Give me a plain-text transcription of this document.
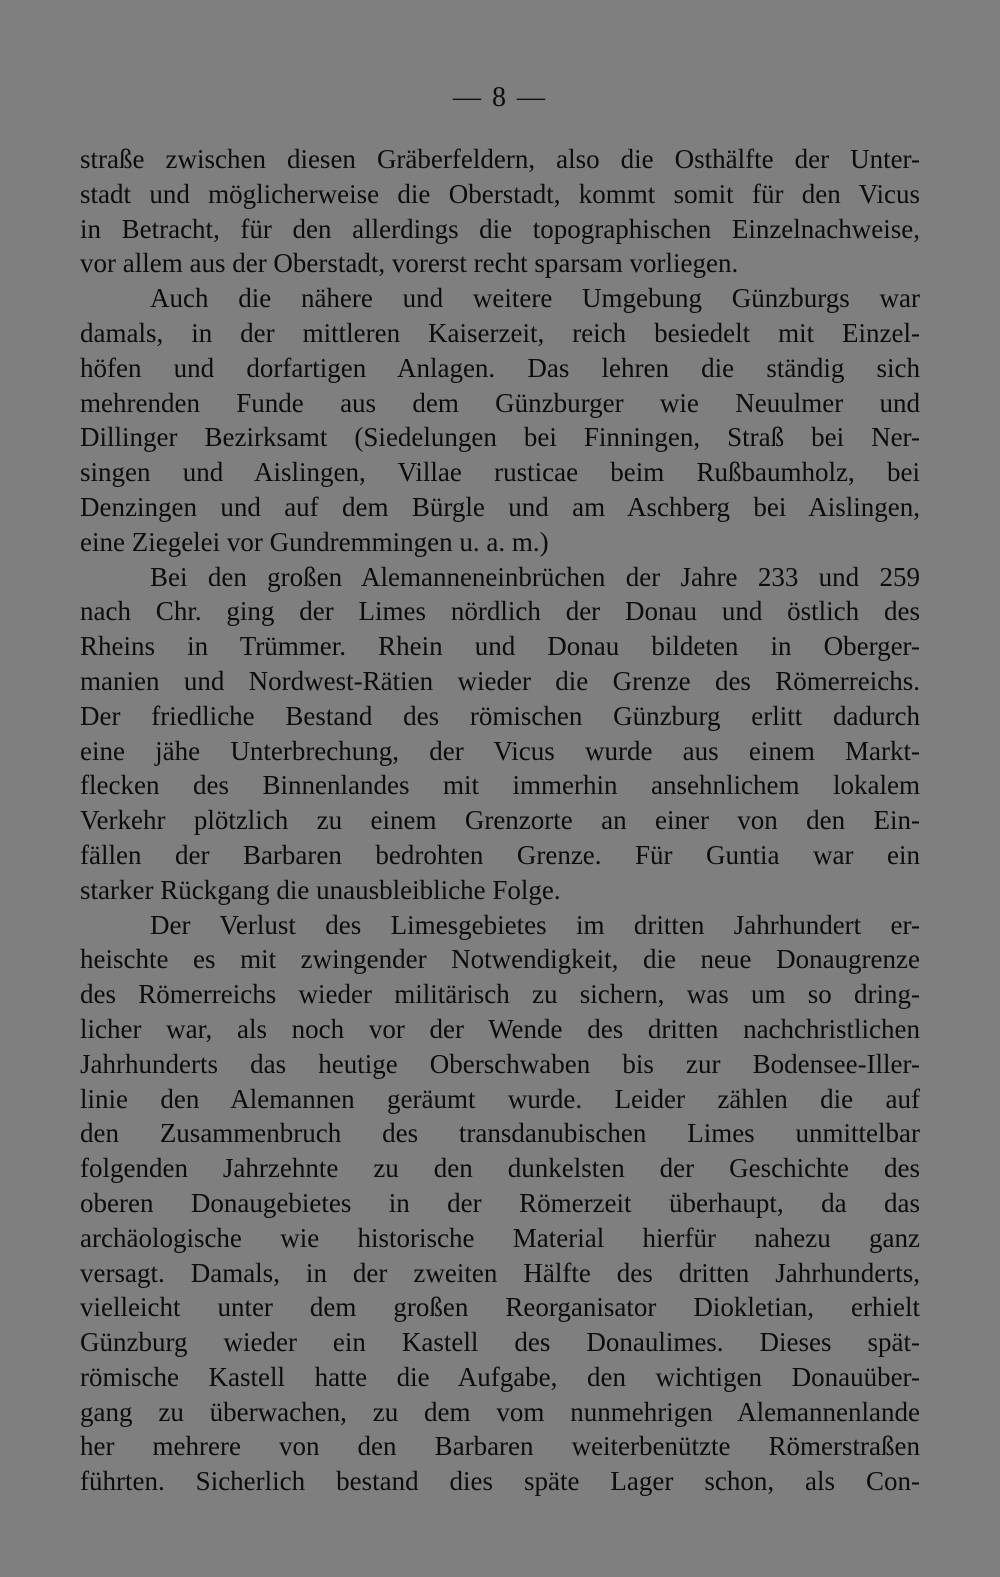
— 8 —
straße zwischen diesen Gräberfeldern, also die Osthälfte der Unter-
stadt und möglicherweise die Oberstadt, kommt somit für den Vicus
in Betracht, für den allerdings die topographischen Einzelnachweise,
vor allem aus der Oberstadt, vorerst recht sparsam vorliegen.
Auch die nähere und weitere Umgebung Günzburgs war
damals, in der mittleren Kaiserzeit, reich besiedelt mit Einzel-
höfen und dorfartigen Anlagen. Das lehren die ständig sich
mehrenden Funde aus dem Günzburger wie Neuulmer und
Dillinger Bezirksamt (Siedelungen bei Finningen, Straß bei Ner-
singen und Aislingen, Villae rusticae beim Rußbaumholz, bei
Denzingen und auf dem Bürgle und am Aschberg bei Aislingen,
eine Ziegelei vor Gundremmingen u. a. m.)
Bei den großen Alemanneneinbrüchen der Jahre 233 und 259
nach Chr. ging der Limes nördlich der Donau und östlich des
Rheins in Trümmer. Rhein und Donau bildeten in Oberger-
manien und Nordwest-Rätien wieder die Grenze des Römerreichs.
Der friedliche Bestand des römischen Günzburg erlitt dadurch
eine jähe Unterbrechung, der Vicus wurde aus einem Markt-
flecken des Binnenlandes mit immerhin ansehnlichem lokalem
Verkehr plötzlich zu einem Grenzorte an einer von den Ein-
fällen der Barbaren bedrohten Grenze. Für Guntia war ein
starker Rückgang die unausbleibliche Folge.
Der Verlust des Limesgebietes im dritten Jahrhundert er-
heischte es mit zwingender Notwendigkeit, die neue Donaugrenze
des Römerreichs wieder militärisch zu sichern, was um so dring-
licher war, als noch vor der Wende des dritten nachchristlichen
Jahrhunderts das heutige Oberschwaben bis zur Bodensee-Iller-
linie den Alemannen geräumt wurde. Leider zählen die auf
den Zusammenbruch des transdanubischen Limes unmittelbar
folgenden Jahrzehnte zu den dunkelsten der Geschichte des
oberen Donaugebietes in der Römerzeit überhaupt, da das
archäologische wie historische Material hierfür nahezu ganz
versagt. Damals, in der zweiten Hälfte des dritten Jahrhunderts,
vielleicht unter dem großen Reorganisator Diokletian, erhielt
Günzburg wieder ein Kastell des Donaulimes. Dieses spät-
römische Kastell hatte die Aufgabe, den wichtigen Donauüber-
gang zu überwachen, zu dem vom nunmehrigen Alemannenlande
her mehrere von den Barbaren weiterbenützte Römerstraßen
führten. Sicherlich bestand dies späte Lager schon, als Con-
